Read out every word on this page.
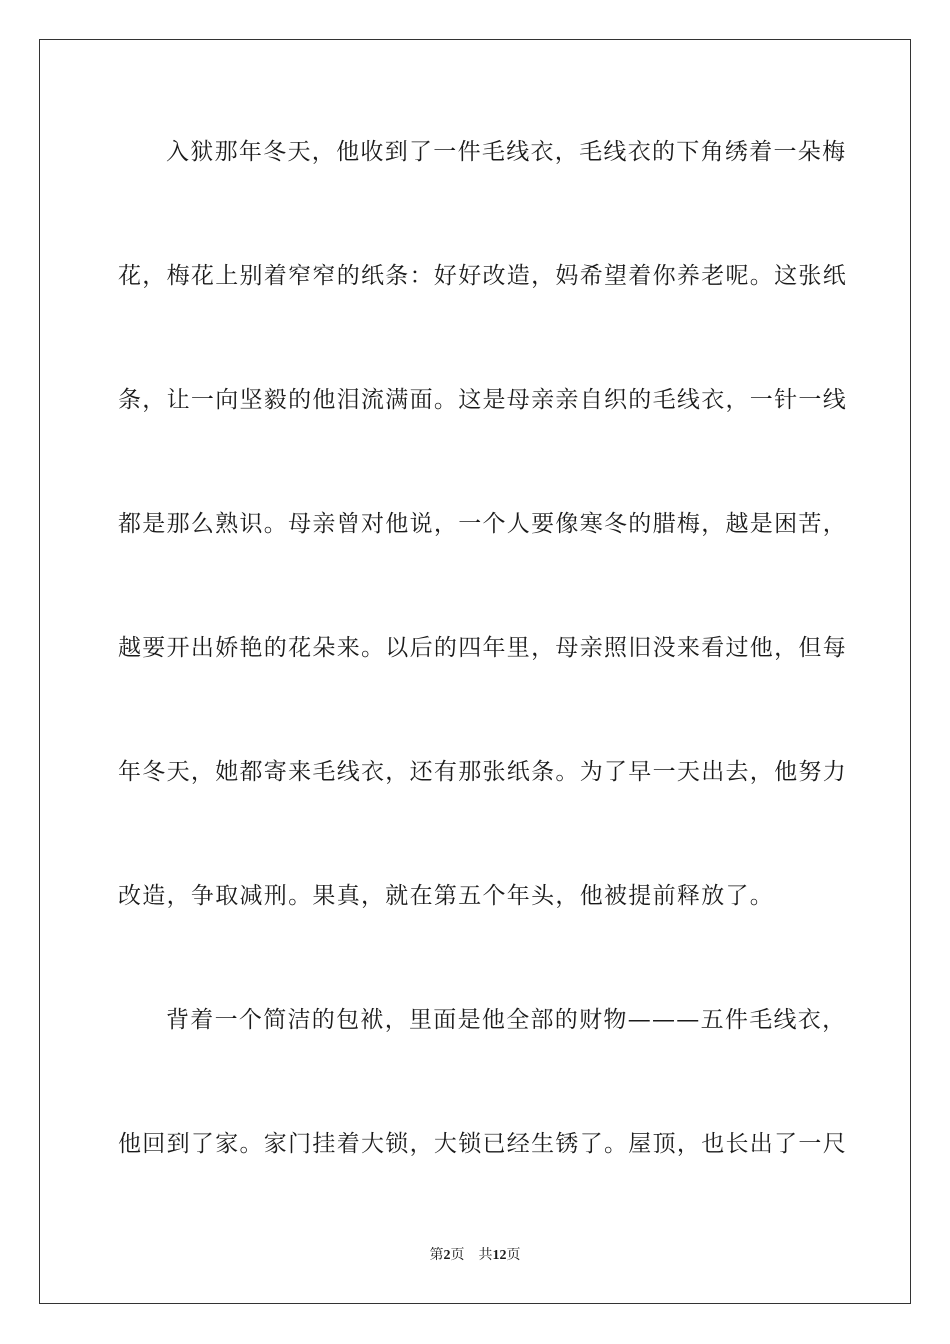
入狱那年冬天，他收到了一件毛线衣，毛线衣的下角绣着一朵梅
花，梅花上别着窄窄的纸条：好好改造，妈希望着你养老呢。这张纸
条，让一向坚毅的他泪流满面。这是母亲亲自织的毛线衣，一针一线
都是那么熟识。母亲曾对他说，一个人要像寒冬的腊梅，越是困苦，
越要开出娇艳的花朵来。以后的四年里，母亲照旧没来看过他，但每
年冬天，她都寄来毛线衣，还有那张纸条。为了早一天出去，他努力
改造，争取减刑。果真，就在第五个年头，他被提前释放了。
背着一个简洁的包袱，里面是他全部的财物———五件毛线衣，
他回到了家。家门挂着大锁，大锁已经生锈了。屋顶，也长出了一尺
第2页 共12页
